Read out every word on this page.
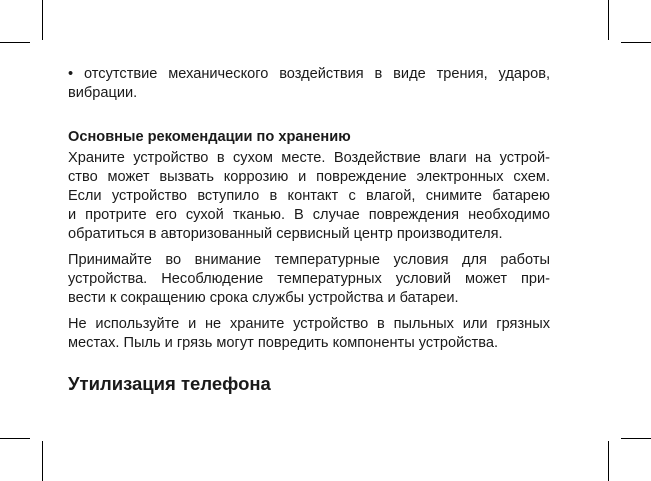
• отсутствие механического воздействия в виде трения, ударов,
вибрации.
Основные рекомендации по хранению
Храните устройство в сухом месте. Воздействие влаги на устрой-
ство может вызвать коррозию и повреждение электронных схем.
Если устройство вступило в контакт с влагой, снимите батарею
и протрите его сухой тканью. В случае повреждения необходимо
обратиться в авторизованный сервисный центр производителя.
Принимайте во внимание температурные условия для работы
устройства. Несоблюдение температурных условий может при-
вести к сокращению срока службы устройства и батареи.
Не используйте и не храните устройство в пыльных или грязных
местах. Пыль и грязь могут повредить компоненты устройства.
Утилизация телефона
